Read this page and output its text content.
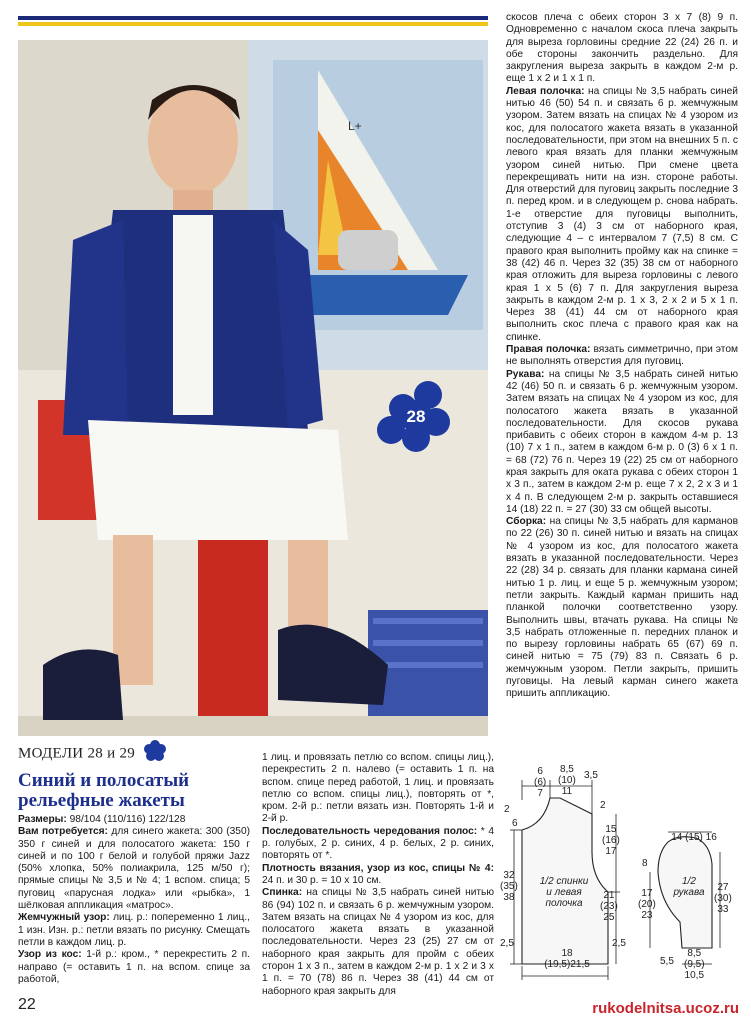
L+
28

скосов плеча с обеих сторон 3 х 7 (8) 9 п. Одновременно с началом скоса плеча закрыть для выреза горловины средние 22 (24) 26 п. и обе стороны закончить раздельно. Для закругления выреза закрыть в каждом 2-м р. еще 1 х 2 и 1 х 1 п.

Левая полочка: на спицы № 3,5 набрать синей нитью 46 (50) 54 п. и связать 6 р. жемчужным узором. Затем вязать на спицах № 4 узором из кос, для полосатого жакета вязать в указанной последовательности, при этом на внешних 5 п. с левого края вязать для планки жемчужным узором синей нитью. При смене цвета перекрещивать нити на изн. стороне работы. Для отверстий для пуговиц закрыть последние 3 п. перед кром. и в следующем р. снова набрать. 1-е отверстие для пуговицы выполнить, отступив 3 (4) 3 см от наборного края, следующие 4 – с интервалом 7 (7,5) 8 см. С правого края выполнить пройму как на спинке = 38 (42) 46 п. Через 32 (35) 38 см от наборного края отложить для выреза горловины с левого края 1 х 5 (6) 7 п. Для закругления выреза закрыть в каждом 2-м р. 1 х 3, 2 х 2 и 5 х 1 п. Через 38 (41) 44 см от наборного края выполнить скос плеча с правого края как на спинке.

Правая полочка: вязать симметрично, при этом не выполнять отверстия для пуговиц.

Рукава: на спицы № 3,5 набрать синей нитью 42 (46) 50 п. и связать 6 р. жемчужным узором. Затем вязать на спицах № 4 узором из кос, для полосатого жакета вязать в указанной последовательности. Для скосов рукава прибавить с обеих сторон в каждом 4-м р. 13 (10) 7 х 1 п., затем в каждом 6-м р. 0 (3) 6 х 1 п. = 68 (72) 76 п. Через 19 (22) 25 см от наборного края закрыть для оката рукава с обеих сторон 1 х 3 п., затем в каждом 2-м р. еще 7 х 2, 2 х 3 и 1 х 4 п. В следующем 2-м р. закрыть оставшиеся 14 (18) 22 п. = 27 (30) 33 см общей высоты.

Сборка: на спицы № 3,5 набрать для карманов по 22 (26) 30 п. синей нитью и вязать на спицах № 4 узором из кос, для полосатого жакета вязать в указанной последовательности. Через 22 (28) 34 р. связать для планки кармана синей нитью 1 р. лиц. и еще 5 р. жемчужным узором; петли закрыть. Каждый карман пришить над планкой полочки соответственно узору. Выполнить швы, втачать рукава. На спицы № 3,5 набрать отложенные п. передних планок и по вырезу горловины набрать 65 (67) 69 п. синей нитью = 75 (79) 83 п. Связать 6 р. жемчужным узором. Петли закрыть, пришить пуговицы. На левый карман синего жакета пришить аппликацию.

МОДЕЛИ 28 и 29
Синий и полосатый рельефные жакеты

Размеры: 98/104 (110/116) 122/128

Вам потребуется: для синего жакета: 300 (350) 350 г синей и для полосатого жакета: 150 г синей и по 100 г белой и голубой пряжи Jazz (50% хлопка, 50% полиакрила, 125 м/50 г); прямые спицы № 3,5 и № 4; 1 вспом. спица; 5 пуговиц «парусная лодка» или «рыбка», 1 шёлковая аппликация «матрос».

Жемчужный узор: лиц. р.: попеременно 1 лиц., 1 изн. Изн. р.: петли вязать по рисунку. Смещать петли в каждом лиц. р.

Узор из кос: 1-й р.: кром., * перекрестить 2 п. направо (= оставить 1 п. на вспом. спице за работой,

1 лиц. и провязать петлю со вспом. спицы лиц.), перекрестить 2 п. налево (= оставить 1 п. на вспом. спице перед работой, 1 лиц. и провязать петлю со вспом. спицы лиц.), повторять от *, кром. 2-й р.: петли вязать изн. Повторять 1-й и 2-й р.

Последовательность чередования полос: * 4 р. голубых, 2 р. синих, 4 р. белых, 2 р. синих, повторять от *.

Плотность вязания, узор из кос, спицы № 4: 24 п. и 30 р. = 10 х 10 см.

Спинка: на спицы № 3,5 набрать синей нитью 86 (94) 102 п. и связать 6 р. жемчужным узором. Затем вязать на спицах № 4 узором из кос, для полосатого жакета вязать в указанной последовательности. Через 23 (25) 27 см от наборного края закрыть для пройм с обеих сторон 1 х 3 п., затем в каждом 2-м р. 1 х 2 и 3 х 1 п. = 70 (78) 86 п. Через 38 (41) 44 см от наборного края закрыть для

6
(6)
7
8,5
(10)
11
3,5
2	2
6
15
(16)
17
32
(35)
38	21
(23)
25
2,5	2,5
18
(19,5)21,5
1/2 спинки и левая полочка
14 (15) 16
8
17
(20)
23
27
(30)
33
5,5
8,5
(9,5)
10,5
1/2 рукава
22	rukodelnitsa.ucoz.ru
